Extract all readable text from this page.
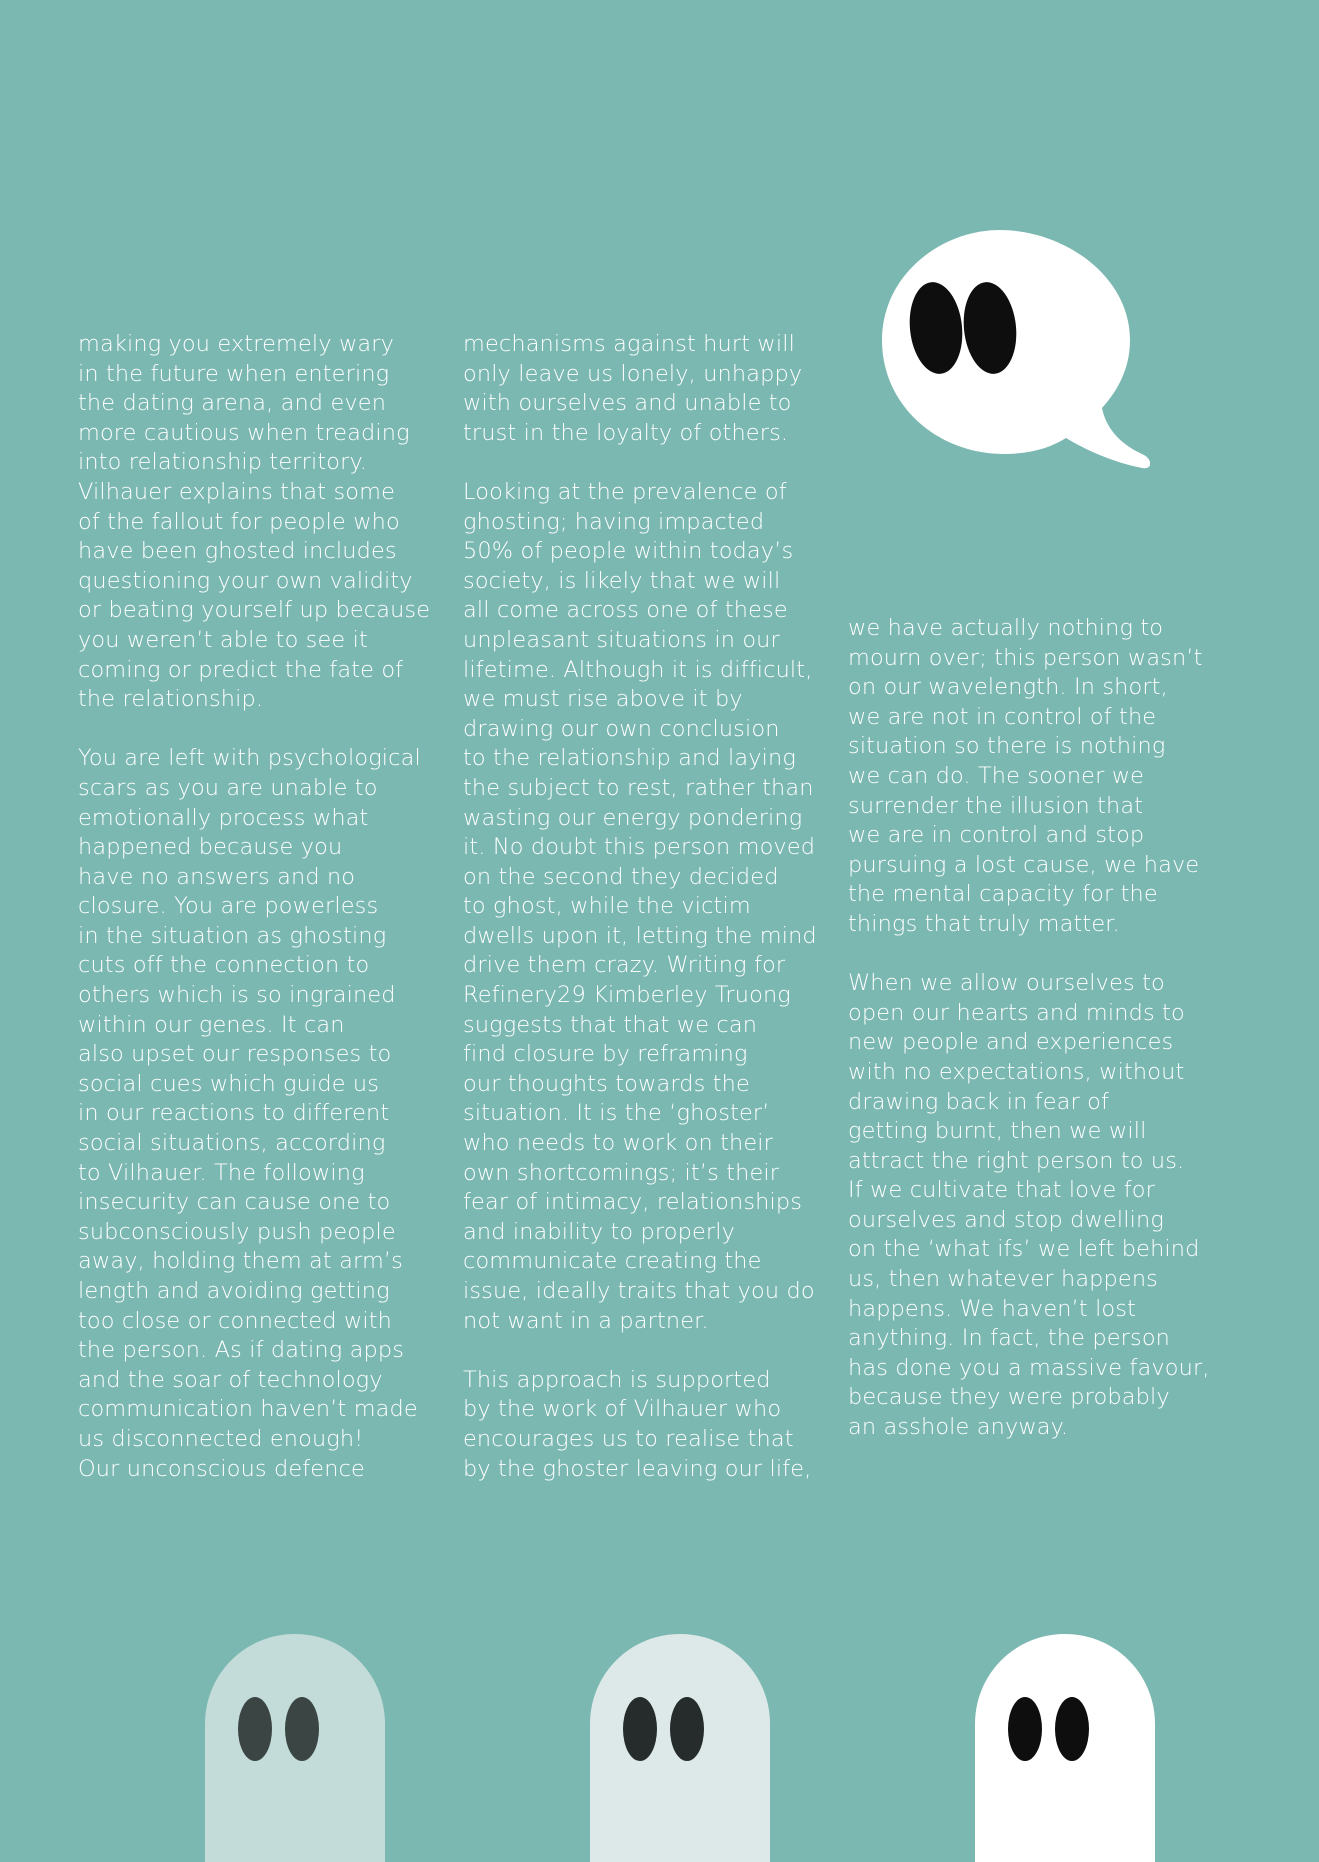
making you extremely wary
in the future when entering
the dating arena, and even
more cautious when treading
into relationship territory.
Vilhauer explains that some
of the fallout for people who
have been ghosted includes
questioning your own validity
or beating yourself up because
you weren’t able to see it
coming or predict the fate of
the relationship.
You are left with psychological
scars as you are unable to
emotionally process what
happened because you
have no answers and no
closure. You are powerless
in the situation as ghosting
cuts off the connection to
others which is so ingrained
within our genes. It can
also upset our responses to
social cues which guide us
in our reactions to different
social situations, according
to Vilhauer. The following
insecurity can cause one to
subconsciously push people
away, holding them at arm’s
length and avoiding getting
too close or connected with
the person. As if dating apps
and the soar of technology
communication haven’t made
us disconnected enough!
Our unconscious defence
mechanisms against hurt will
only leave us lonely, unhappy
with ourselves and unable to
trust in the loyalty of others.
Looking at the prevalence of
ghosting; having impacted
50% of people within today’s
society, is likely that we will
all come across one of these
unpleasant situations in our
lifetime. Although it is difficult,
we must rise above it by
drawing our own conclusion
to the relationship and laying
the subject to rest, rather than
wasting our energy pondering
it. No doubt this person moved
on the second they decided
to ghost, while the victim
dwells upon it, letting the mind
drive them crazy. Writing for
Refinery29 Kimberley Truong
suggests that that we can
find closure by reframing
our thoughts towards the
situation. It is the ‘ghoster’
who needs to work on their
own shortcomings; it’s their
fear of intimacy, relationships
and inability to properly
communicate creating the
issue, ideally traits that you do
not want in a partner.
This approach is supported
by the work of Vilhauer who
encourages us to realise that
by the ghoster leaving our life,
we have actually nothing to
mourn over; this person wasn’t
on our wavelength. In short,
we are not in control of the
situation so there is nothing
we can do. The sooner we
surrender the illusion that
we are in control and stop
pursuing a lost cause, we have
the mental capacity for the
things that truly matter.
When we allow ourselves to
open our hearts and minds to
new people and experiences
with no expectations, without
drawing back in fear of
getting burnt, then we will
attract the right person to us.
If we cultivate that love for
ourselves and stop dwelling
on the ‘what ifs’ we left behind
us, then whatever happens
happens. We haven’t lost
anything. In fact, the person
has done you a massive favour,
because they were probably
an asshole anyway.
